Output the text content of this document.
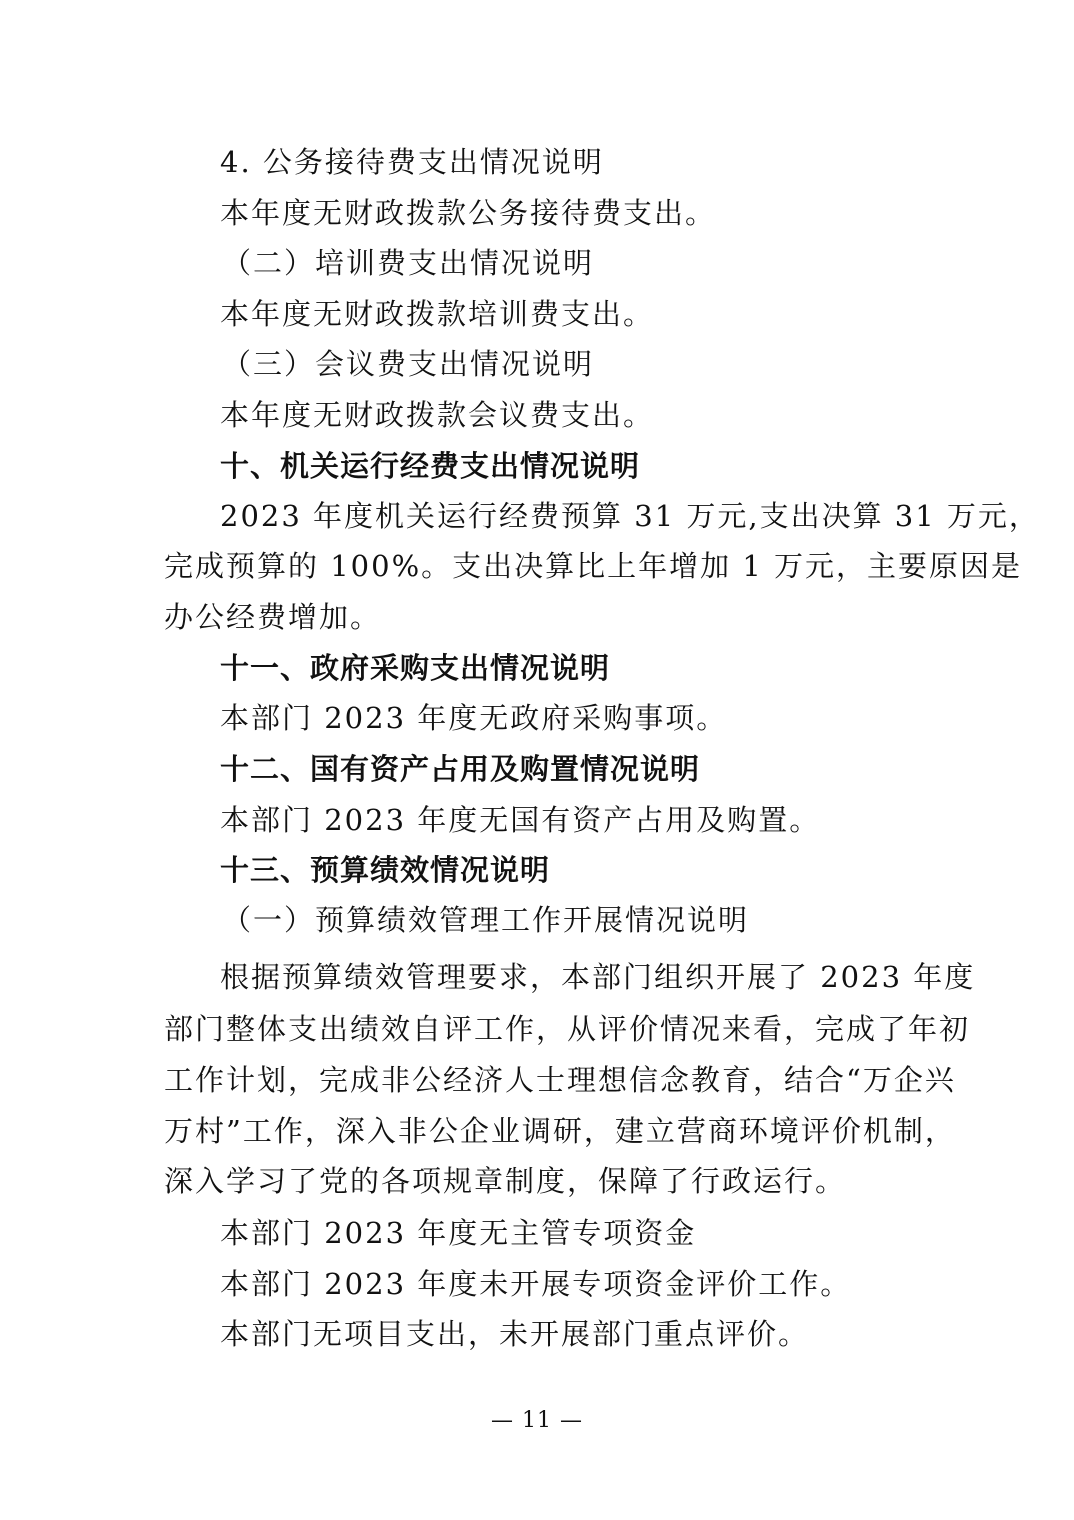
4. 公务接待费支出情况说明
本年度无财政拨款公务接待费支出。
（二）培训费支出情况说明
本年度无财政拨款培训费支出。
（三）会议费支出情况说明
本年度无财政拨款会议费支出。
十、机关运行经费支出情况说明
2023 年度机关运行经费预算 31 万元,支出决算 31 万元，
完成预算的 100%。支出决算比上年增加 1 万元，主要原因是
办公经费增加。
十一、政府采购支出情况说明
本部门 2023 年度无政府采购事项。
十二、国有资产占用及购置情况说明
本部门 2023 年度无国有资产占用及购置。
十三、预算绩效情况说明
（一）预算绩效管理工作开展情况说明
根据预算绩效管理要求，本部门组织开展了 2023 年度
部门整体支出绩效自评工作，从评价情况来看，完成了年初
工作计划，完成非公经济人士理想信念教育，结合“万企兴
万村”工作，深入非公企业调研，建立营商环境评价机制，
深入学习了党的各项规章制度，保障了行政运行。
本部门 2023 年度无主管专项资金
本部门 2023 年度未开展专项资金评价工作。
本部门无项目支出，未开展部门重点评价。
— 11 —
